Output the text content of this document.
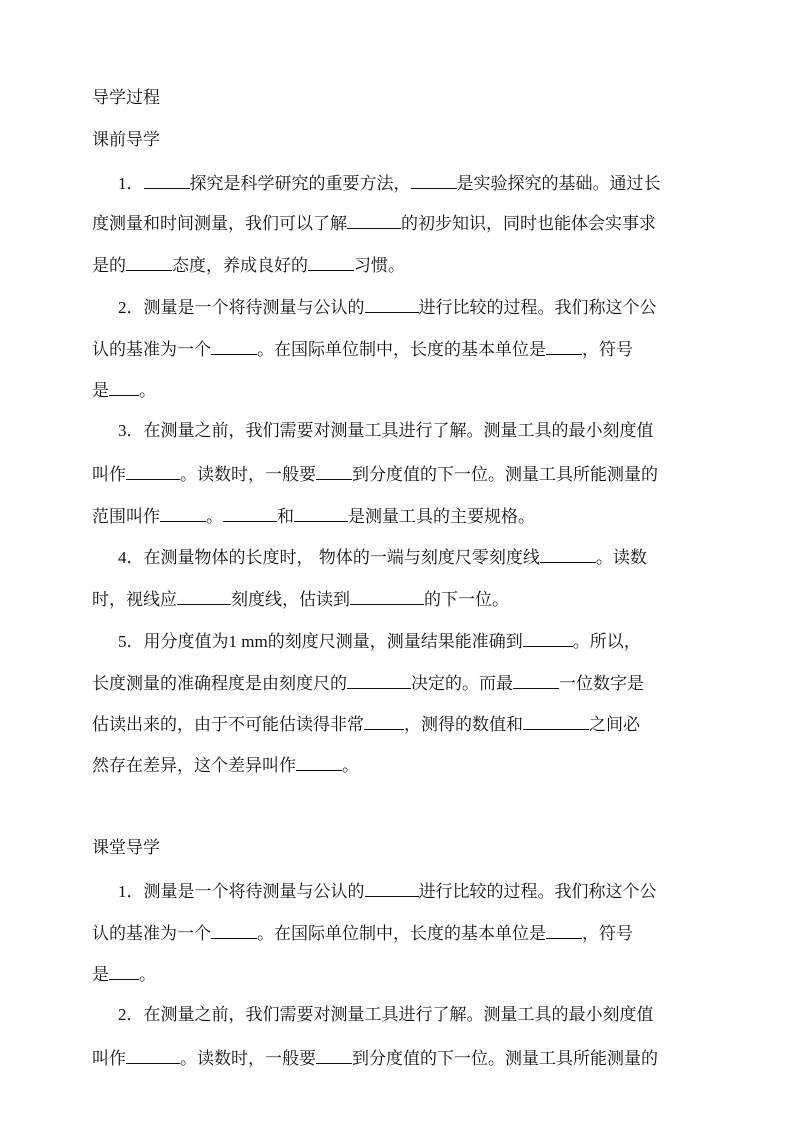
导学过程
课前导学
1．	探究是科学研究的重要方法，	是实验探究的基础。通过长
度测量和时间测量，我们可以了解	的初步知识，同时也能体会实事求
是的	态度，养成良好的	习惯。
2．测量是一个将待测量与公认的	进行比较的过程。我们称这个公
认的基准为一个	。在国际单位制中，长度的基本单位是 ，符号
是 。
3．在测量之前，我们需要对测量工具进行了解。测量工具的最小刻度值
叫作	。读数时，一般要 到分度值的下一位。测量工具所能测量的
范围叫作	。	和	是测量工具的主要规格。
4．在测量物体的长度时， 物体的一端与刻度尺零刻度线	。读数
时，视线应	刻度线，估读到	的下一位。
5．用分度值为1 mm的刻度尺测量，测量结果能准确到	。所以，
长度测量的准确程度是由刻度尺的	决定的。而最	一位数字是
估读出来的，由于不可能估读得非常 ，测得的数值和	之间必
然存在差异，这个差异叫作	。
课堂导学
1．测量是一个将待测量与公认的	进行比较的过程。我们称这个公
认的基准为一个	。在国际单位制中，长度的基本单位是 ，符号
是 。
2．在测量之前，我们需要对测量工具进行了解。测量工具的最小刻度值
叫作	。读数时，一般要 到分度值的下一位。测量工具所能测量的
